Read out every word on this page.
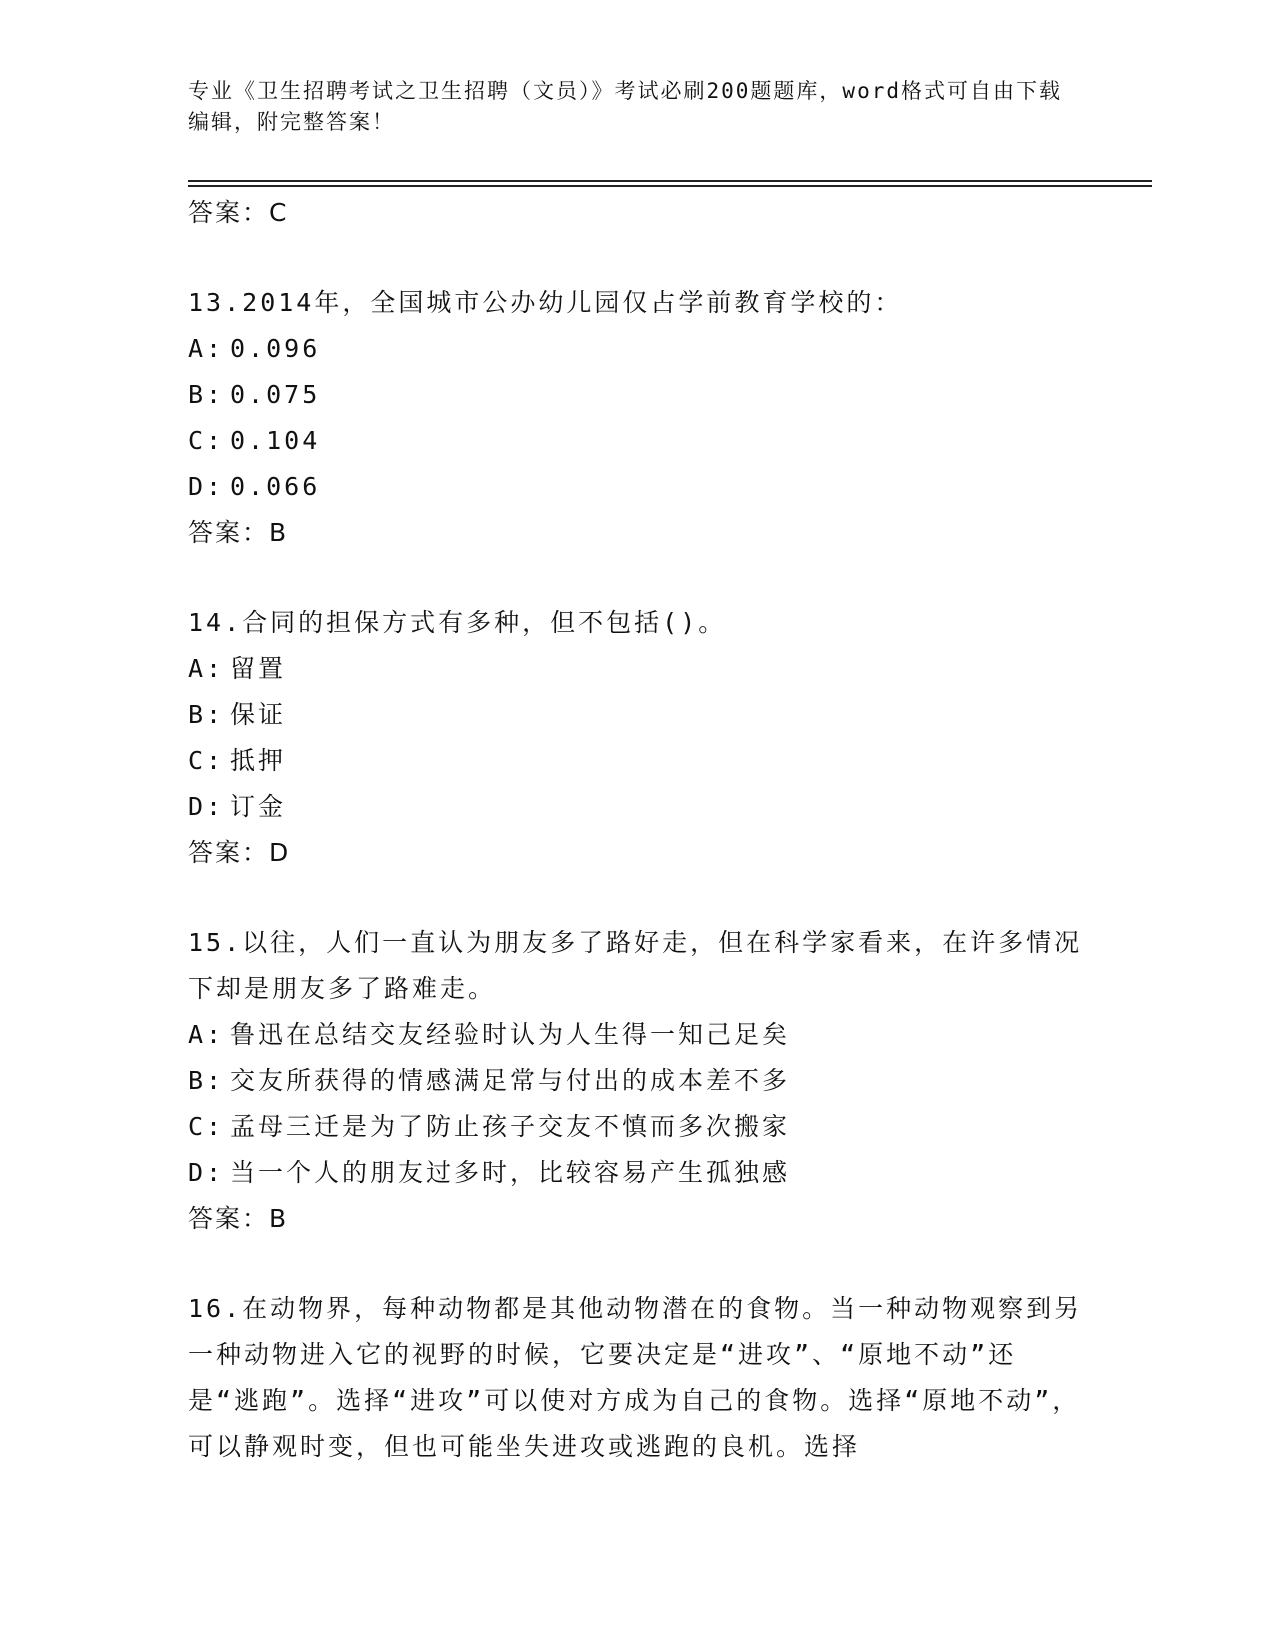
专业《卫生招聘考试之卫生招聘（文员）》考试必刷200题题库，word格式可自由下载编辑，附完整答案！
答案：C
13.2014年，全国城市公办幼儿园仅占学前教育学校的：
A: 0.096
B: 0.075
C: 0.104
D: 0.066
答案：B
14.合同的担保方式有多种，但不包括()。
A: 留置
B: 保证
C: 抵押
D: 订金
答案：D
15.以往，人们一直认为朋友多了路好走，但在科学家看来，在许多情况下却是朋友多了路难走。
A: 鲁迅在总结交友经验时认为人生得一知己足矣
B: 交友所获得的情感满足常与付出的成本差不多
C: 孟母三迁是为了防止孩子交友不慎而多次搬家
D: 当一个人的朋友过多时，比较容易产生孤独感
答案：B
16.在动物界，每种动物都是其他动物潜在的食物。当一种动物观察到另一种动物进入它的视野的时候，它要决定是“进攻”、“原地不动”还是“逃跑”。选择“进攻”可以使对方成为自己的食物。选择“原地不动”，可以静观时变，但也可能坐失进攻或逃跑的良机。选择
